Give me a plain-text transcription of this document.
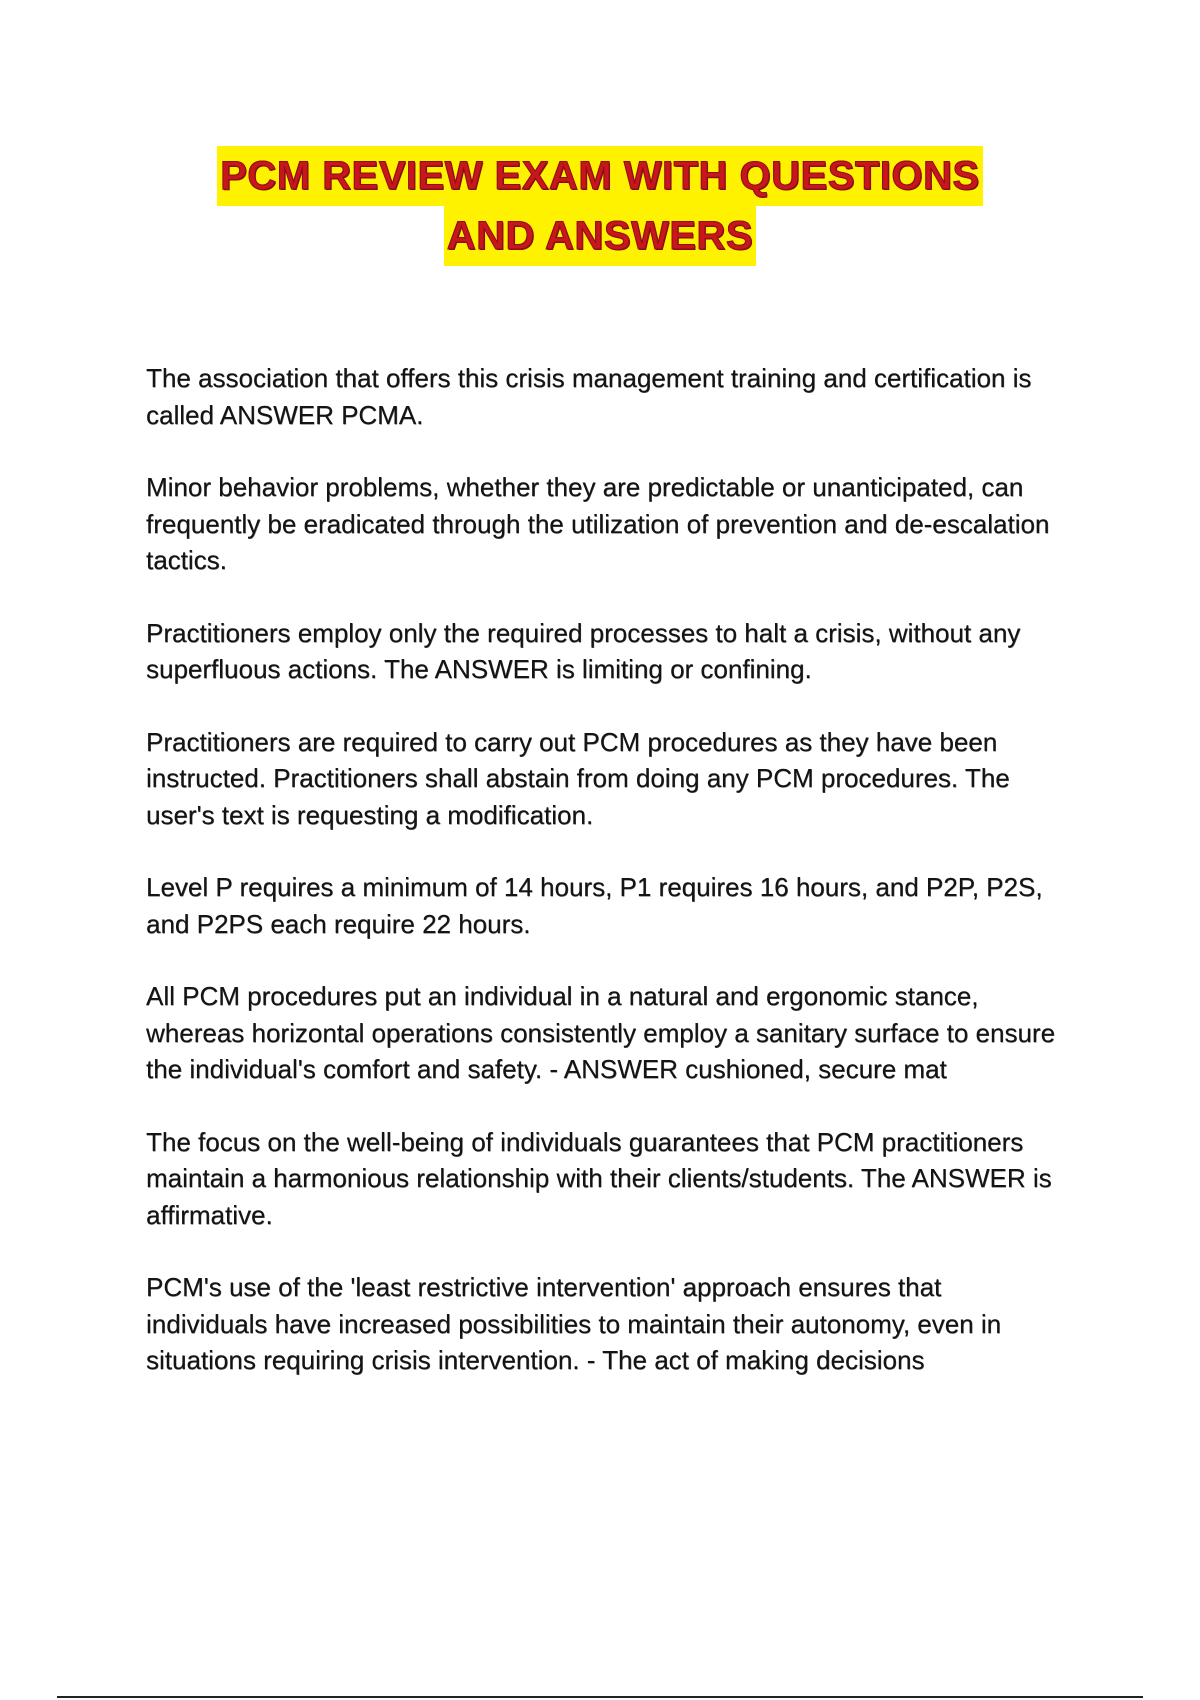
PCM REVIEW EXAM WITH QUESTIONS
AND ANSWERS

The association that offers this crisis management training and certification is called ANSWER PCMA.

Minor behavior problems, whether they are predictable or unanticipated, can frequently be eradicated through the utilization of prevention and de-escalation tactics.

Practitioners employ only the required processes to halt a crisis, without any superfluous actions. The ANSWER is limiting or confining.

Practitioners are required to carry out PCM procedures as they have been instructed. Practitioners shall abstain from doing any PCM procedures. The user's text is requesting a modification.

Level P requires a minimum of 14 hours, P1 requires 16 hours, and P2P, P2S, and P2PS each require 22 hours.

All PCM procedures put an individual in a natural and ergonomic stance, whereas horizontal operations consistently employ a sanitary surface to ensure the individual's comfort and safety. - ANSWER cushioned, secure mat

The focus on the well-being of individuals guarantees that PCM practitioners maintain a harmonious relationship with their clients/students. The ANSWER is affirmative.

PCM's use of the 'least restrictive intervention' approach ensures that individuals have increased possibilities to maintain their autonomy, even in situations requiring crisis intervention. - The act of making decisions
